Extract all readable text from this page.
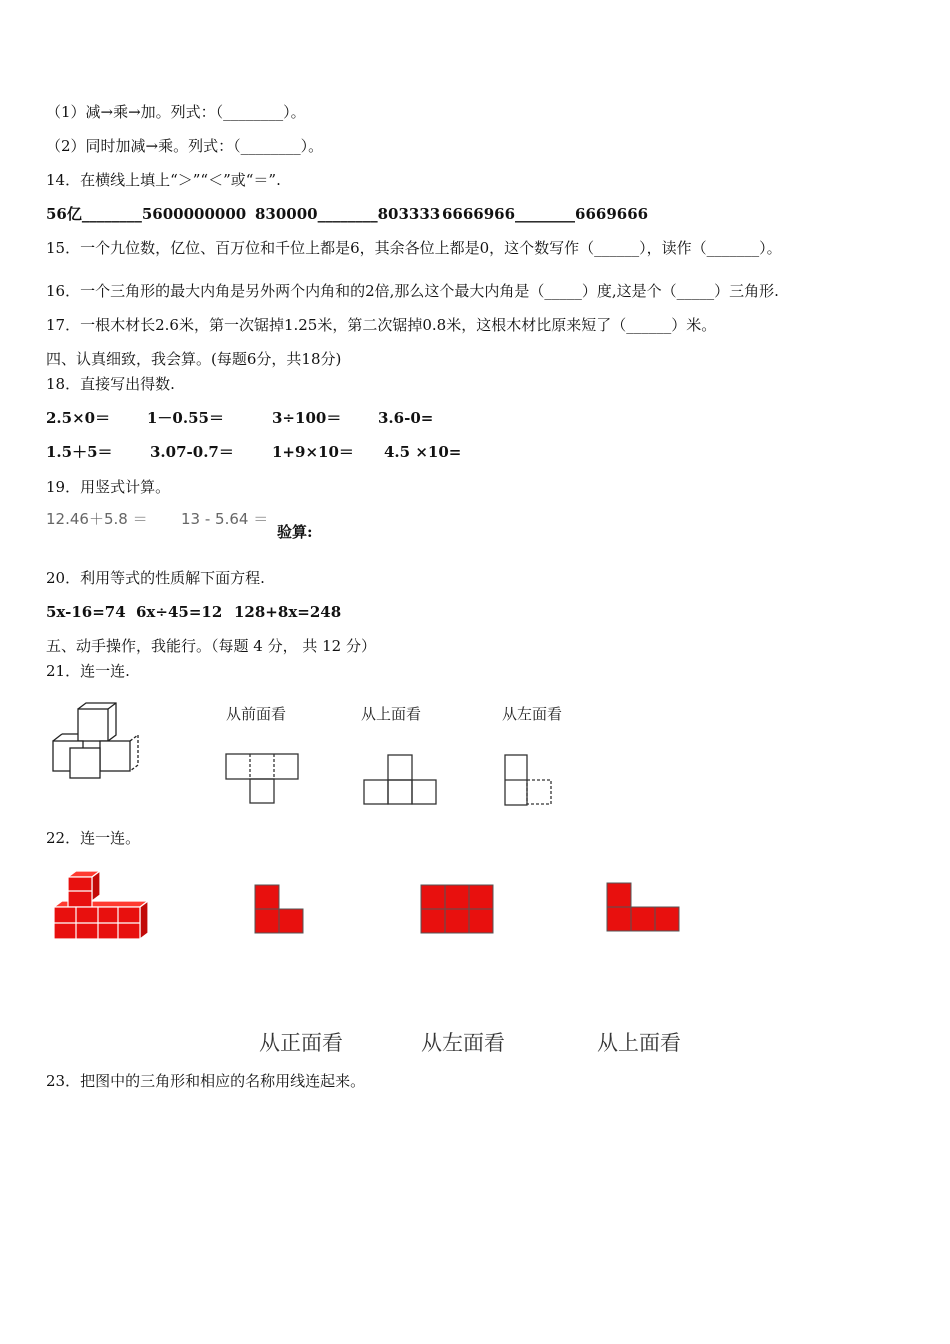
（1）减→乘→加。列式：（________）。
（2）同时加减→乘。列式：（________）。
14．在横线上填上“＞”“＜”或“＝”.
56亿________5600000000 830000________803333 6666966________6669666
15．一个九位数，亿位、百万位和千位上都是6，其余各位上都是0，这个数写作（______），读作（_______）。
16．一个三角形的最大内角是另外两个内角和的2倍,那么这个最大内角是（_____）度,这是个（_____）三角形.
17．一根木材长2.6米，第一次锯掉1.25米，第二次锯掉0.8米，这根木材比原来短了（______）米。
四、认真细致，我会算。(每题6分，共18分)
18．直接写出得数.
2.5×0＝ 1－0.55＝	3÷100＝ 3.6-0=
1.5＋5＝ 3.07-0.7＝	1+9×10＝ 4.5 ×10=
19．用竖式计算。
12.46＋5.8 ＝ 13 - 5.64 ＝
验算:
20．利用等式的性质解下面方程.
5x-16=74 6x÷45=12 128+8x=248
五、动手操作，我能行。（每题 4 分， 共 12 分）
21．连一连.
从前面看	从上面看	从左面看
22．连一连。
从正面看	从左面看	从上面看
23．把图中的三角形和相应的名称用线连起来。
